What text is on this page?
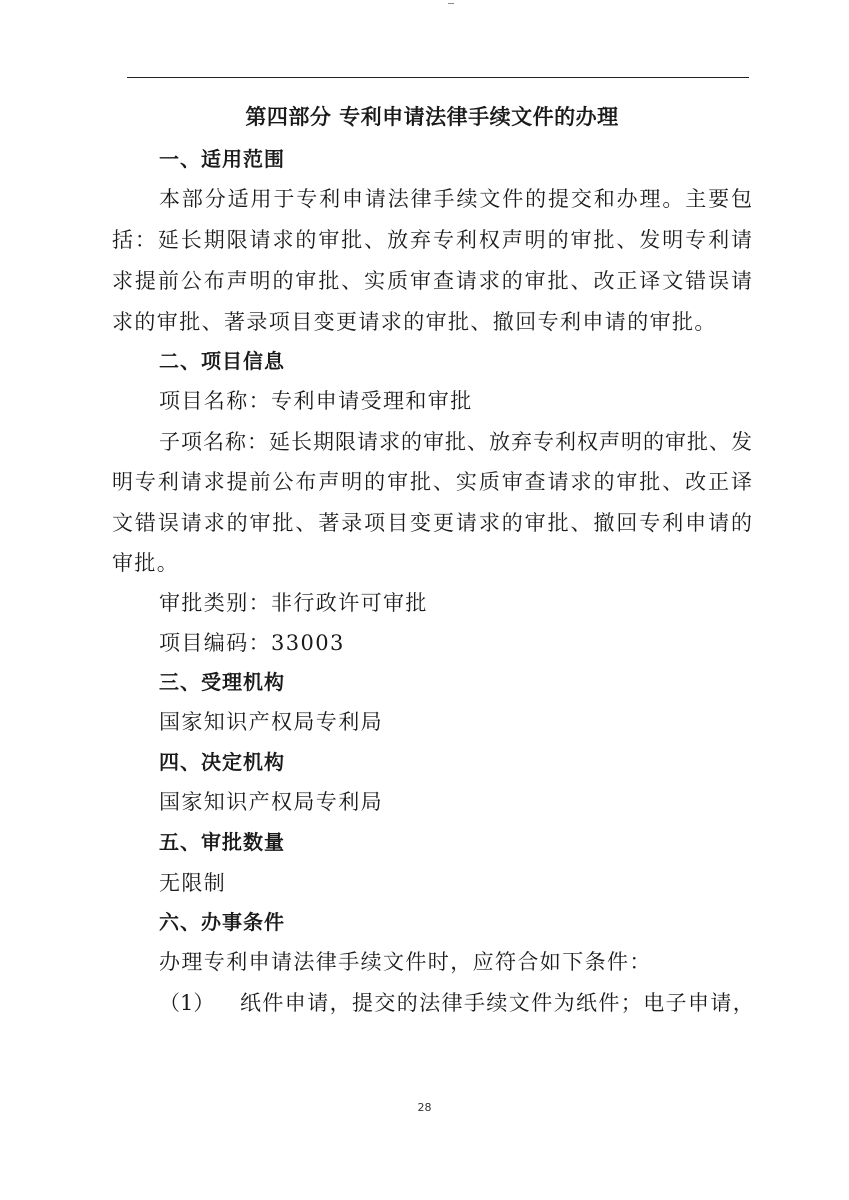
第四部分 专利申请法律手续文件的办理
一、适用范围
本部分适用于专利申请法律手续文件的提交和办理。主要包
括：延长期限请求的审批、放弃专利权声明的审批、发明专利请
求提前公布声明的审批、实质审查请求的审批、改正译文错误请
求的审批、著录项目变更请求的审批、撤回专利申请的审批。
二、项目信息
项目名称：专利申请受理和审批
子项名称：延长期限请求的审批、放弃专利权声明的审批、发
明专利请求提前公布声明的审批、实质审查请求的审批、改正译
文错误请求的审批、著录项目变更请求的审批、撤回专利申请的
审批。
审批类别：非行政许可审批
项目编码：33003
三、受理机构
国家知识产权局专利局
四、决定机构
国家知识产权局专利局
五、审批数量
无限制
六、办事条件
办理专利申请法律手续文件时，应符合如下条件：
（1） 纸件申请，提交的法律手续文件为纸件；电子申请，
28
